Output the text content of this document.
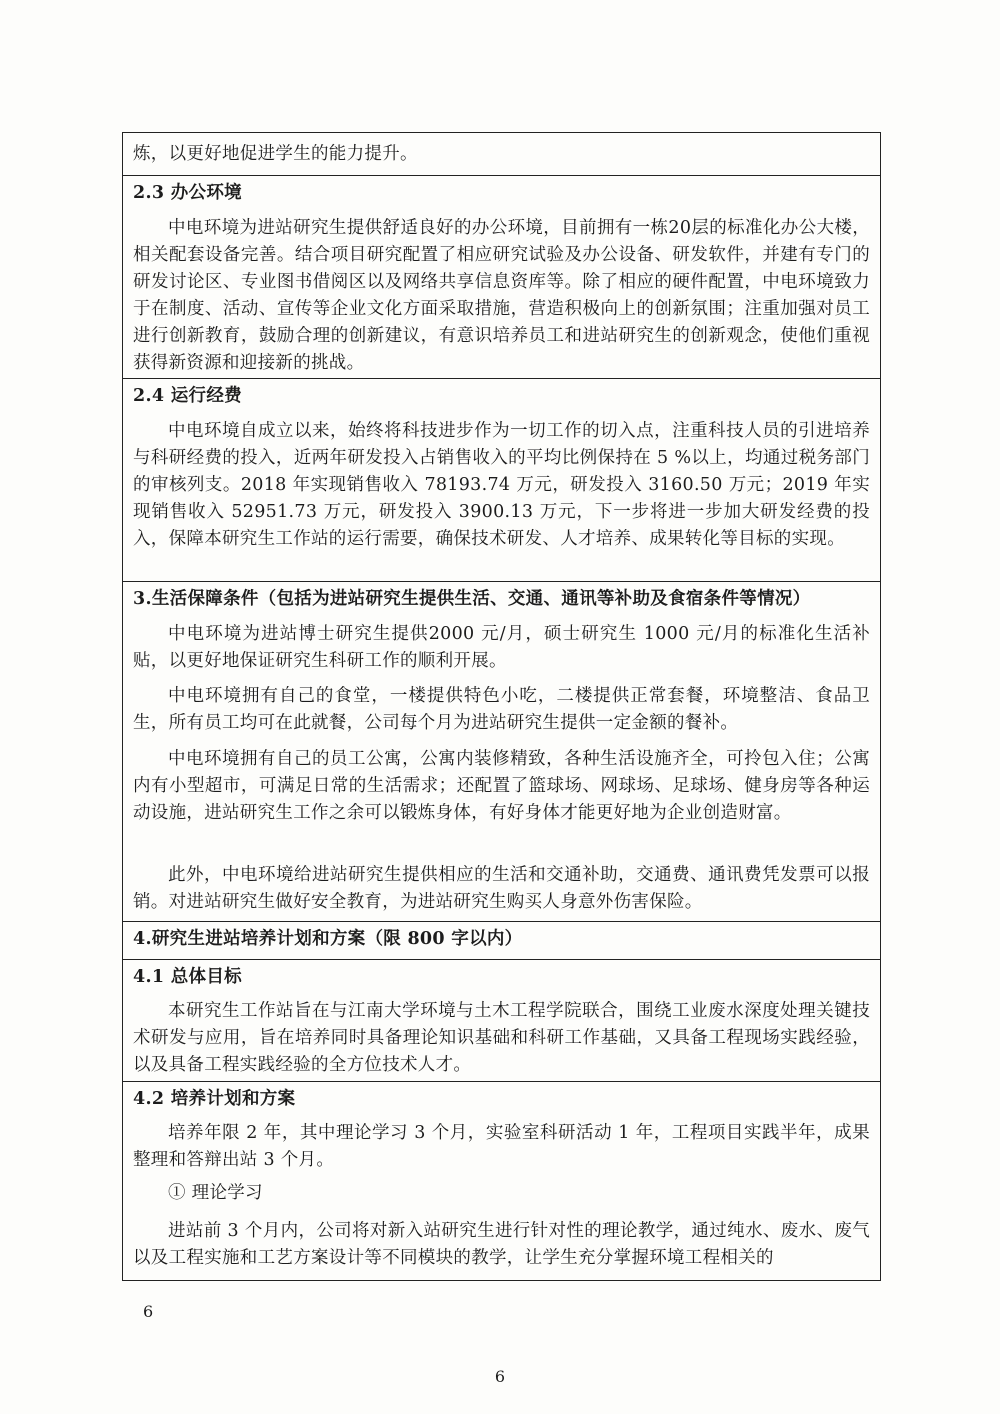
炼，以更好地促进学生的能力提升。
2.3 办公环境
中电环境为进站研究生提供舒适良好的办公环境，目前拥有一栋20层的标准化办公大楼，相关配套设备完善。结合项目研究配置了相应研究试验及办公设备、研发软件，并建有专门的研发讨论区、专业图书借阅区以及网络共享信息资库等。除了相应的硬件配置，中电环境致力于在制度、活动、宣传等企业文化方面采取措施，营造积极向上的创新氛围；注重加强对员工进行创新教育，鼓励合理的创新建议，有意识培养员工和进站研究生的创新观念，使他们重视获得新资源和迎接新的挑战。
2.4 运行经费
中电环境自成立以来，始终将科技进步作为一切工作的切入点，注重科技人员的引进培养与科研经费的投入，近两年研发投入占销售收入的平均比例保持在 5 %以上，均通过税务部门的审核列支。2018 年实现销售收入 78193.74 万元，研发投入 3160.50 万元；2019 年实现销售收入 52951.73 万元，研发投入 3900.13 万元，下一步将进一步加大研发经费的投入，保障本研究生工作站的运行需要，确保技术研发、人才培养、成果转化等目标的实现。
3.生活保障条件（包括为进站研究生提供生活、交通、通讯等补助及食宿条件等情况）
中电环境为进站博士研究生提供2000 元/月，硕士研究生 1000 元/月的标准化生活补贴，以更好地保证研究生科研工作的顺利开展。
中电环境拥有自己的食堂，一楼提供特色小吃，二楼提供正常套餐，环境整洁、食品卫生，所有员工均可在此就餐，公司每个月为进站研究生提供一定金额的餐补。
中电环境拥有自己的员工公寓，公寓内装修精致，各种生活设施齐全，可拎包入住；公寓内有小型超市，可满足日常的生活需求；还配置了篮球场、网球场、足球场、健身房等各种运动设施，进站研究生工作之余可以锻炼身体，有好身体才能更好地为企业创造财富。
此外，中电环境给进站研究生提供相应的生活和交通补助，交通费、通讯费凭发票可以报销。对进站研究生做好安全教育，为进站研究生购买人身意外伤害保险。
4.研究生进站培养计划和方案（限 800 字以内）
4.1 总体目标
本研究生工作站旨在与江南大学环境与土木工程学院联合，围绕工业废水深度处理关键技术研发与应用，旨在培养同时具备理论知识基础和科研工作基础，又具备工程现场实践经验，以及具备工程实践经验的全方位技术人才。
4.2 培养计划和方案
培养年限 2 年，其中理论学习 3 个月，实验室科研活动 1 年，工程项目实践半年，成果整理和答辩出站 3 个月。
① 理论学习
进站前 3 个月内，公司将对新入站研究生进行针对性的理论教学，通过纯水、废水、废气以及工程实施和工艺方案设计等不同模块的教学，让学生充分掌握环境工程相关的
6
6
